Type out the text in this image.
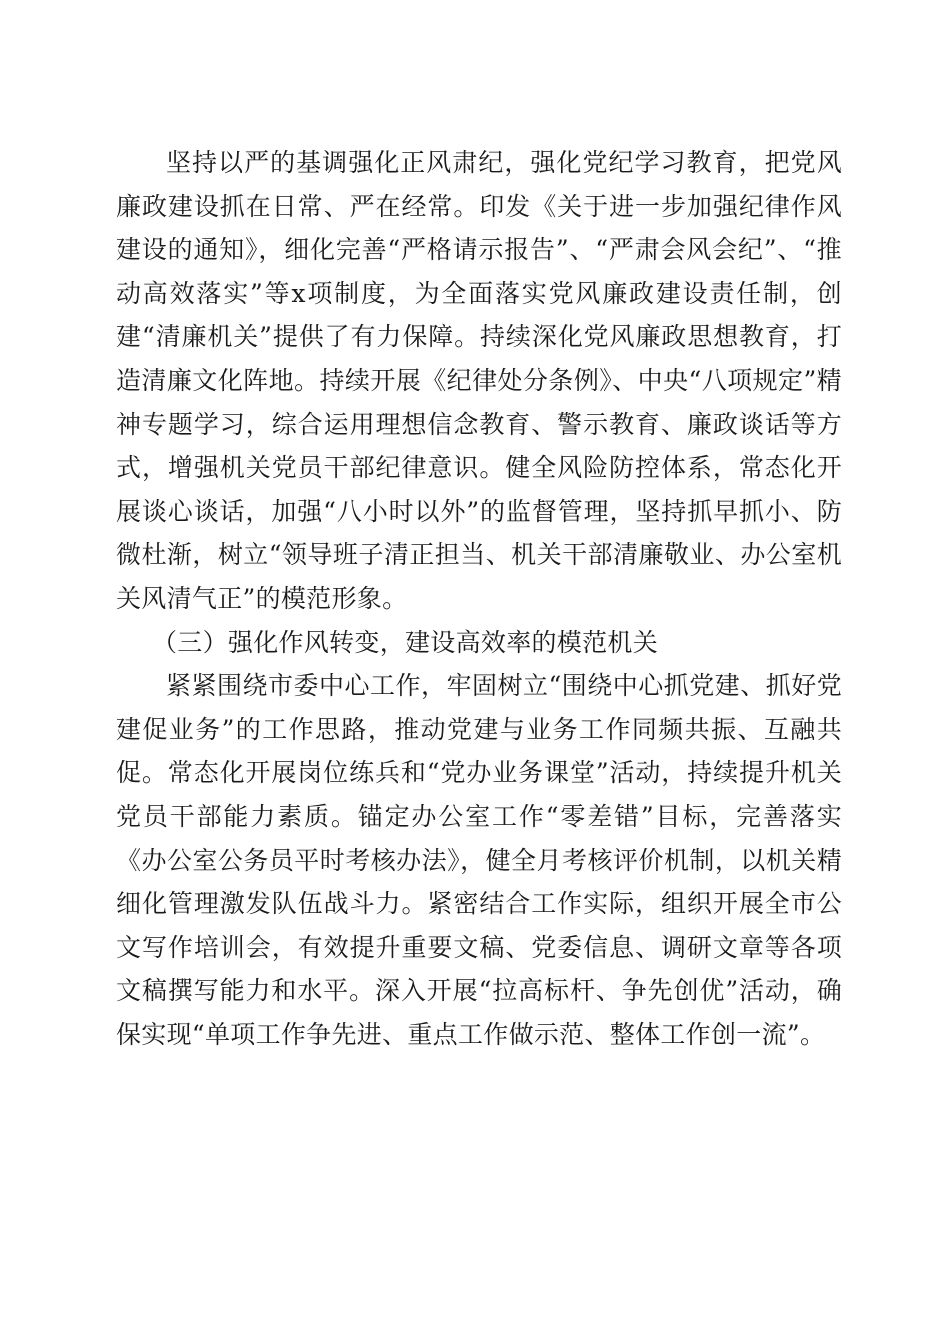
坚持以严的基调强化正风肃纪，强化党纪学习教育，把党风廉政建设抓在日常、严在经常。印发《关于进一步加强纪律作风建设的通知》，细化完善“严格请示报告”、“严肃会风会纪”、“推动高效落实”等x项制度，为全面落实党风廉政建设责任制，创建“清廉机关”提供了有力保障。持续深化党风廉政思想教育，打造清廉文化阵地。持续开展《纪律处分条例》、中央“八项规定”精神专题学习，综合运用理想信念教育、警示教育、廉政谈话等方式，增强机关党员干部纪律意识。健全风险防控体系，常态化开展谈心谈话，加强“八小时以外”的监督管理，坚持抓早抓小、防微杜渐，树立“领导班子清正担当、机关干部清廉敬业、办公室机关风清气正”的模范形象。

（三）强化作风转变，建设高效率的模范机关

紧紧围绕市委中心工作，牢固树立“围绕中心抓党建、抓好党建促业务”的工作思路，推动党建与业务工作同频共振、互融共促。常态化开展岗位练兵和“党办业务课堂”活动，持续提升机关党员干部能力素质。锚定办公室工作“零差错”目标，完善落实《办公室公务员平时考核办法》，健全月考核评价机制，以机关精细化管理激发队伍战斗力。紧密结合工作实际，组织开展全市公文写作培训会，有效提升重要文稿、党委信息、调研文章等各项文稿撰写能力和水平。深入开展“拉高标杆、争先创优”活动，确保实现“单项工作争先进、重点工作做示范、整体工作创一流”。
